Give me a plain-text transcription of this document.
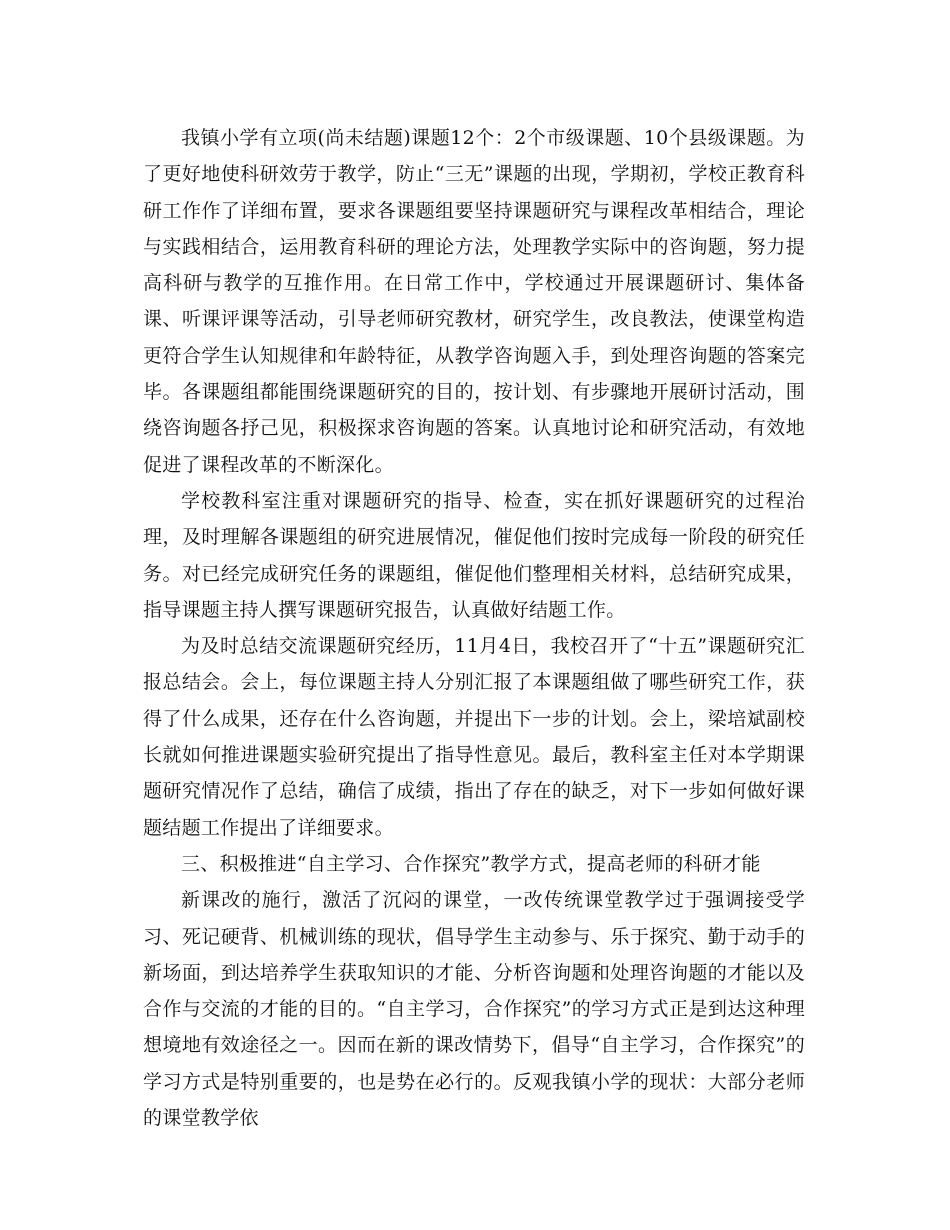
我镇小学有立项(尚未结题)课题12个：2个市级课题、10个县级课题。为了更好地使科研效劳于教学，防止“三无”课题的出现，学期初，学校正教育科研工作作了详细布置，要求各课题组要坚持课题研究与课程改革相结合，理论与实践相结合，运用教育科研的理论方法，处理教学实际中的咨询题，努力提高科研与教学的互推作用。在日常工作中，学校通过开展课题研讨、集体备课、听课评课等活动，引导老师研究教材，研究学生，改良教法，使课堂构造更符合学生认知规律和年龄特征，从教学咨询题入手，到处理咨询题的答案完毕。各课题组都能围绕课题研究的目的，按计划、有步骤地开展研讨活动，围绕咨询题各抒己见，积极探求咨询题的答案。认真地讨论和研究活动，有效地促进了课程改革的不断深化。

学校教科室注重对课题研究的指导、检查，实在抓好课题研究的过程治理，及时理解各课题组的研究进展情况，催促他们按时完成每一阶段的研究任务。对已经完成研究任务的课题组，催促他们整理相关材料，总结研究成果，指导课题主持人撰写课题研究报告，认真做好结题工作。

为及时总结交流课题研究经历，11月4日，我校召开了“十五”课题研究汇报总结会。会上，每位课题主持人分别汇报了本课题组做了哪些研究工作，获得了什么成果，还存在什么咨询题，并提出下一步的计划。会上，梁培斌副校长就如何推进课题实验研究提出了指导性意见。最后，教科室主任对本学期课题研究情况作了总结，确信了成绩，指出了存在的缺乏，对下一步如何做好课题结题工作提出了详细要求。

三、积极推进“自主学习、合作探究”教学方式，提高老师的科研才能

新课改的施行，激活了沉闷的课堂，一改传统课堂教学过于强调接受学习、死记硬背、机械训练的现状，倡导学生主动参与、乐于探究、勤于动手的新场面，到达培养学生获取知识的才能、分析咨询题和处理咨询题的才能以及合作与交流的才能的目的。“自主学习，合作探究”的学习方式正是到达这种理想境地有效途径之一。因而在新的课改情势下，倡导“自主学习，合作探究”的学习方式是特别重要的，也是势在必行的。反观我镇小学的现状：大部分老师的课堂教学依
